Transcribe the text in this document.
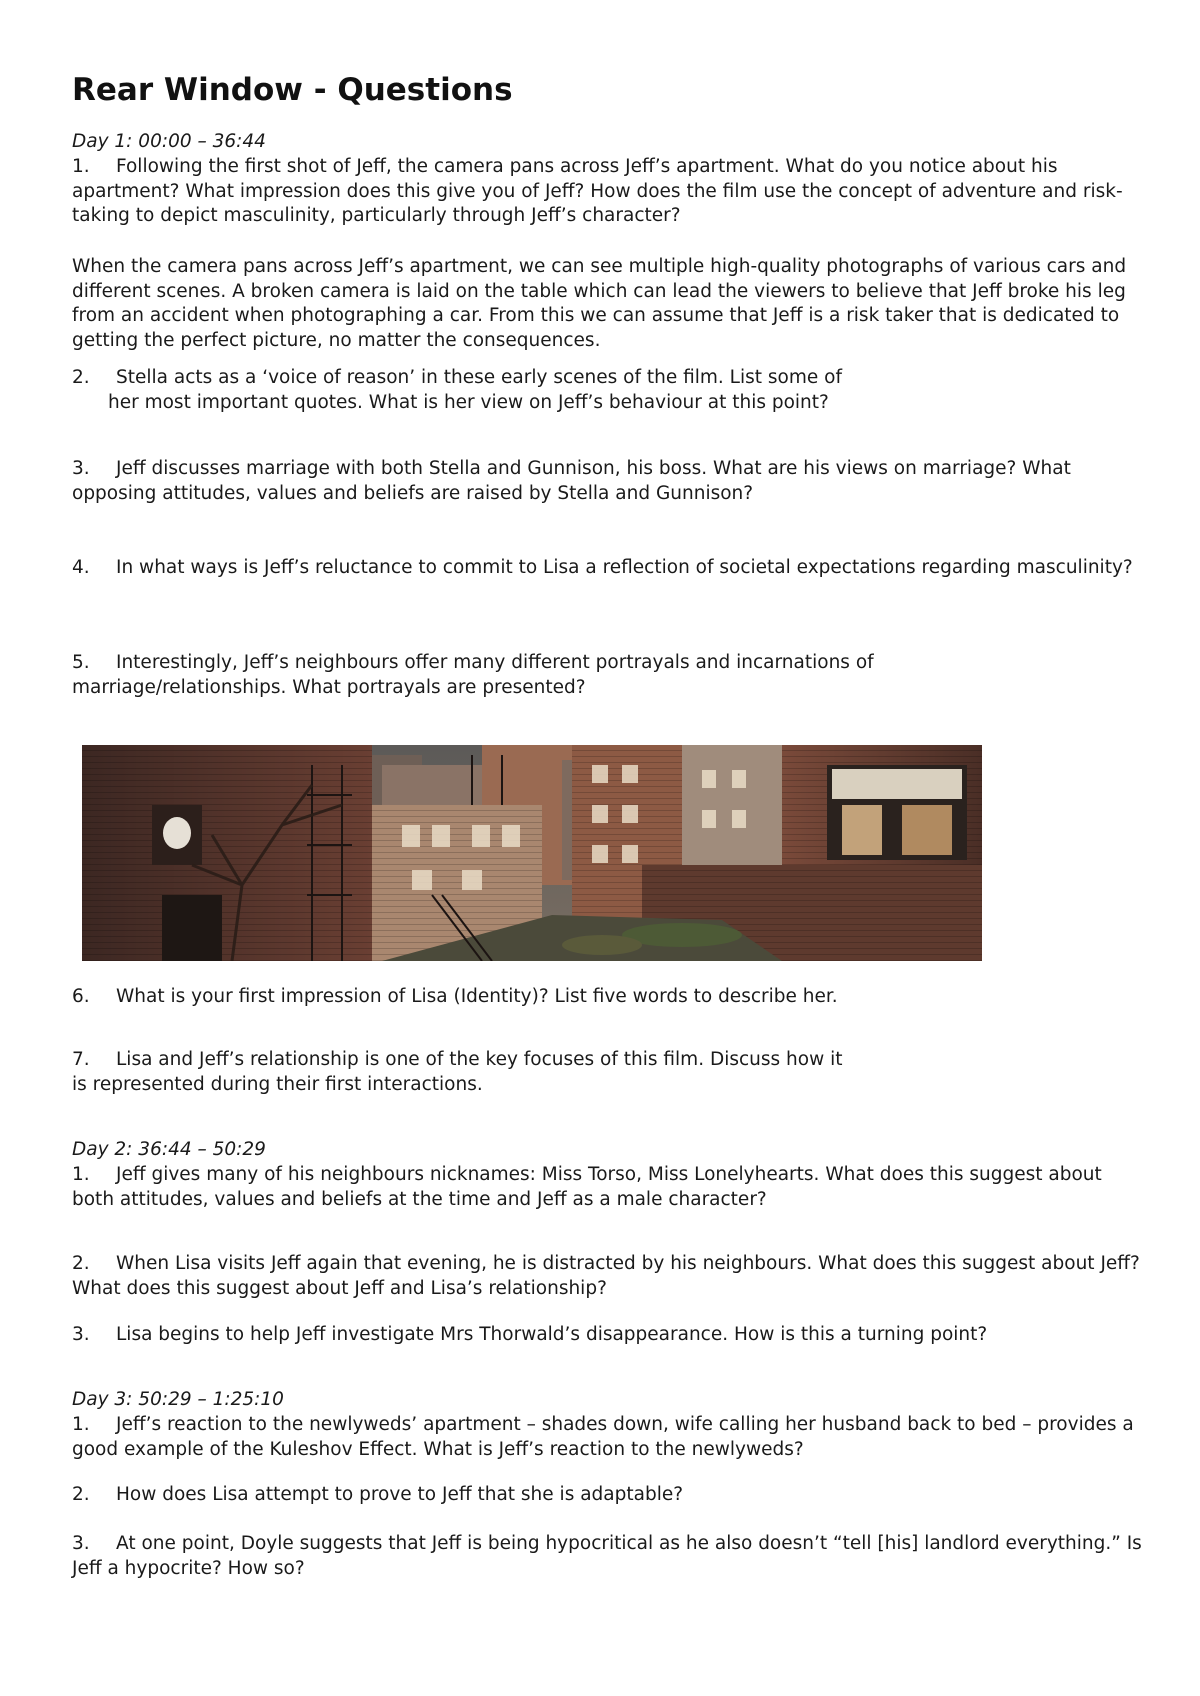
Rear Window - Questions

Day 1: 00:00 – 36:44

1. Following the first shot of Jeff, the camera pans across Jeff’s apartment. What do you notice about his apartment? What impression does this give you of Jeff? How does the film use the concept of adventure and risk-taking to depict masculinity, particularly through Jeff’s character?

When the camera pans across Jeff’s apartment, we can see multiple high-quality photographs of various cars and different scenes. A broken camera is laid on the table which can lead the viewers to believe that Jeff broke his leg from an accident when photographing a car. From this we can assume that Jeff is a risk taker that is dedicated to getting the perfect picture, no matter the consequences.

2. Stella acts as a ‘voice of reason’ in these early scenes of the film. List some of
her most important quotes. What is her view on Jeff’s behaviour at this point?

3. Jeff discusses marriage with both Stella and Gunnison, his boss. What are his views on marriage? What opposing attitudes, values and beliefs are raised by Stella and Gunnison?

4. In what ways is Jeff’s reluctance to commit to Lisa a reflection of societal expectations regarding masculinity?

5. Interestingly, Jeff’s neighbours offer many different portrayals and incarnations of
marriage/relationships. What portrayals are presented?

6. What is your first impression of Lisa (Identity)? List five words to describe her.

7. Lisa and Jeff’s relationship is one of the key focuses of this film. Discuss how it
is represented during their first interactions.

Day 2: 36:44 – 50:29

1. Jeff gives many of his neighbours nicknames: Miss Torso, Miss Lonelyhearts. What does this suggest about both attitudes, values and beliefs at the time and Jeff as a male character?

2. When Lisa visits Jeff again that evening, he is distracted by his neighbours. What does this suggest about Jeff? What does this suggest about Jeff and Lisa’s relationship?

3. Lisa begins to help Jeff investigate Mrs Thorwald’s disappearance. How is this a turning point?

Day 3: 50:29 – 1:25:10

1. Jeff’s reaction to the newlyweds’ apartment – shades down, wife calling her husband back to bed – provides a good example of the Kuleshov Effect. What is Jeff’s reaction to the newlyweds?

2. How does Lisa attempt to prove to Jeff that she is adaptable?

3. At one point, Doyle suggests that Jeff is being hypocritical as he also doesn’t “tell [his] landlord everything.” Is Jeff a hypocrite? How so?
